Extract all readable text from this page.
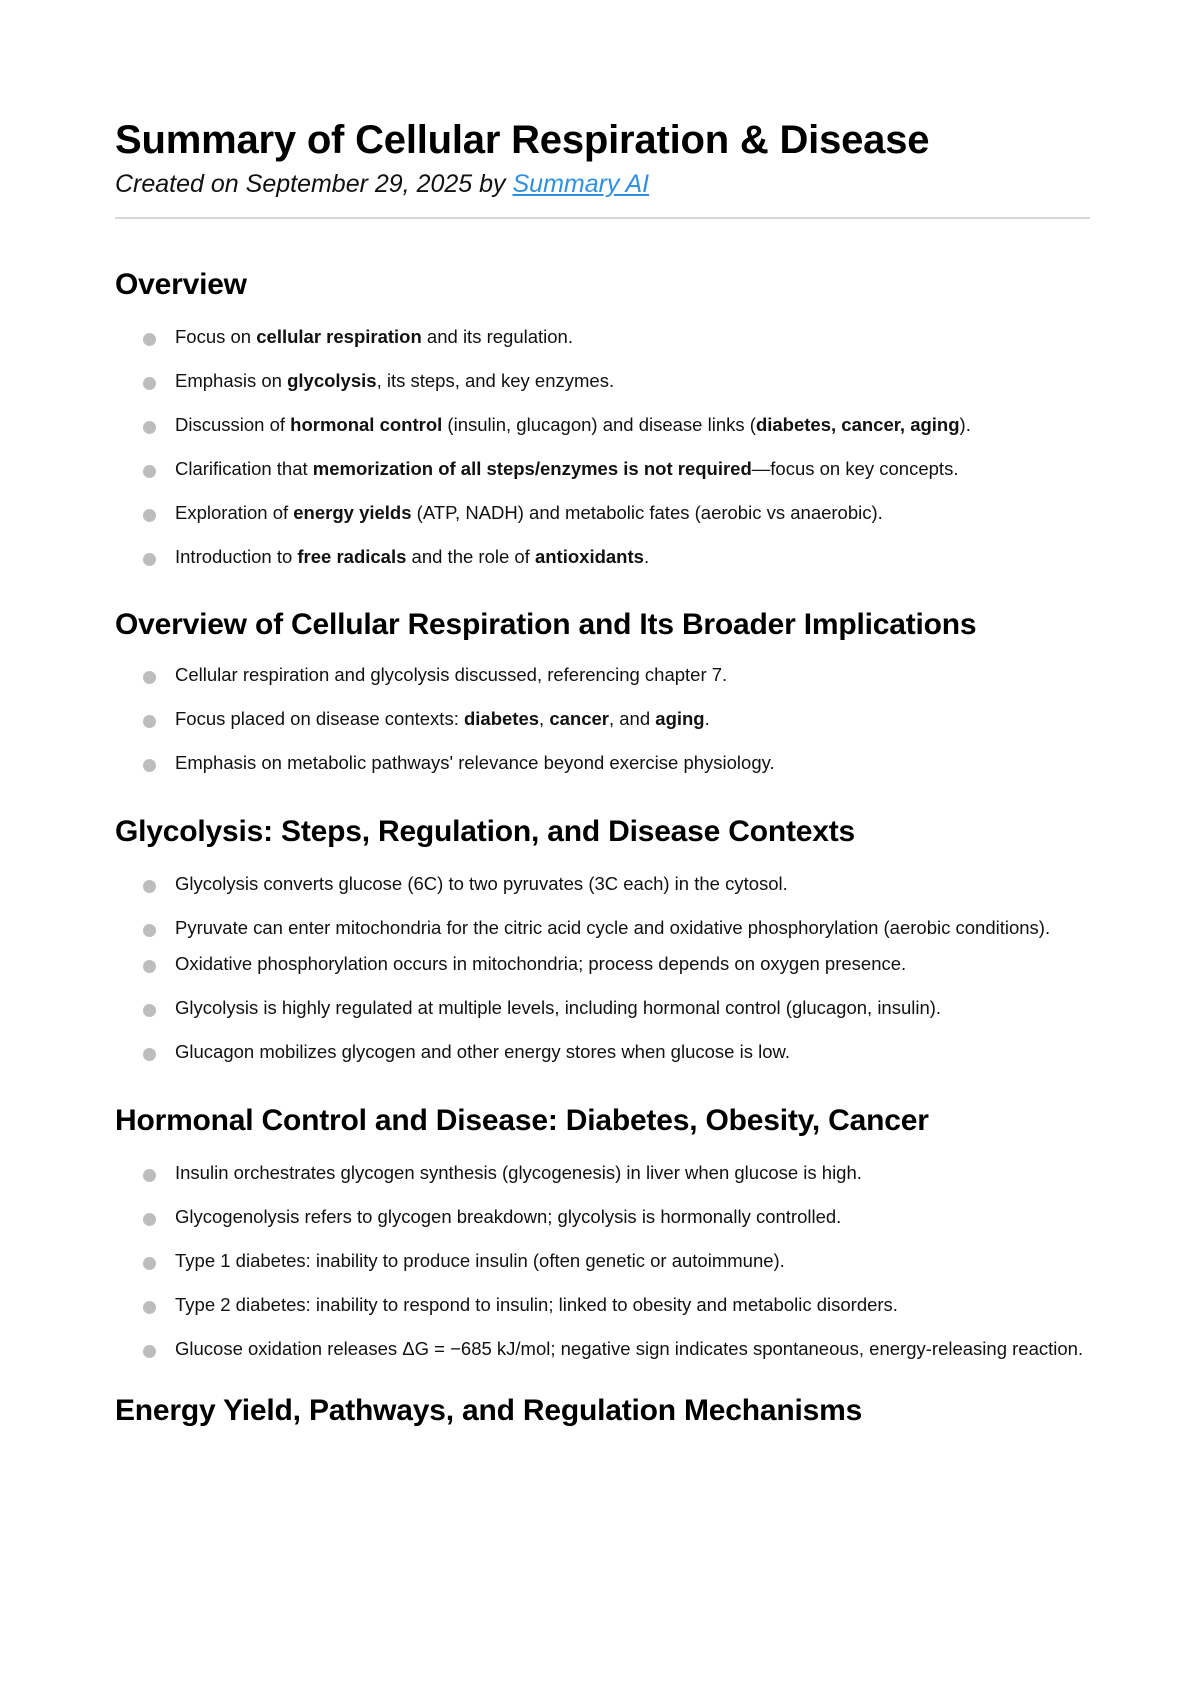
Summary of Cellular Respiration & Disease
Created on September 29, 2025 by Summary AI
Overview
Focus on cellular respiration and its regulation.
Emphasis on glycolysis, its steps, and key enzymes.
Discussion of hormonal control (insulin, glucagon) and disease links (diabetes, cancer, aging).
Clarification that memorization of all steps/enzymes is not required—focus on key concepts.
Exploration of energy yields (ATP, NADH) and metabolic fates (aerobic vs anaerobic).
Introduction to free radicals and the role of antioxidants.
Overview of Cellular Respiration and Its Broader Implications
Cellular respiration and glycolysis discussed, referencing chapter 7.
Focus placed on disease contexts: diabetes, cancer, and aging.
Emphasis on metabolic pathways' relevance beyond exercise physiology.
Glycolysis: Steps, Regulation, and Disease Contexts
Glycolysis converts glucose (6C) to two pyruvates (3C each) in the cytosol.
Pyruvate can enter mitochondria for the citric acid cycle and oxidative phosphorylation (aerobic conditions).
Oxidative phosphorylation occurs in mitochondria; process depends on oxygen presence.
Glycolysis is highly regulated at multiple levels, including hormonal control (glucagon, insulin).
Glucagon mobilizes glycogen and other energy stores when glucose is low.
Hormonal Control and Disease: Diabetes, Obesity, Cancer
Insulin orchestrates glycogen synthesis (glycogenesis) in liver when glucose is high.
Glycogenolysis refers to glycogen breakdown; glycolysis is hormonally controlled.
Type 1 diabetes: inability to produce insulin (often genetic or autoimmune).
Type 2 diabetes: inability to respond to insulin; linked to obesity and metabolic disorders.
Glucose oxidation releases ΔG = −685 kJ/mol; negative sign indicates spontaneous, energy-releasing reaction.
Energy Yield, Pathways, and Regulation Mechanisms
